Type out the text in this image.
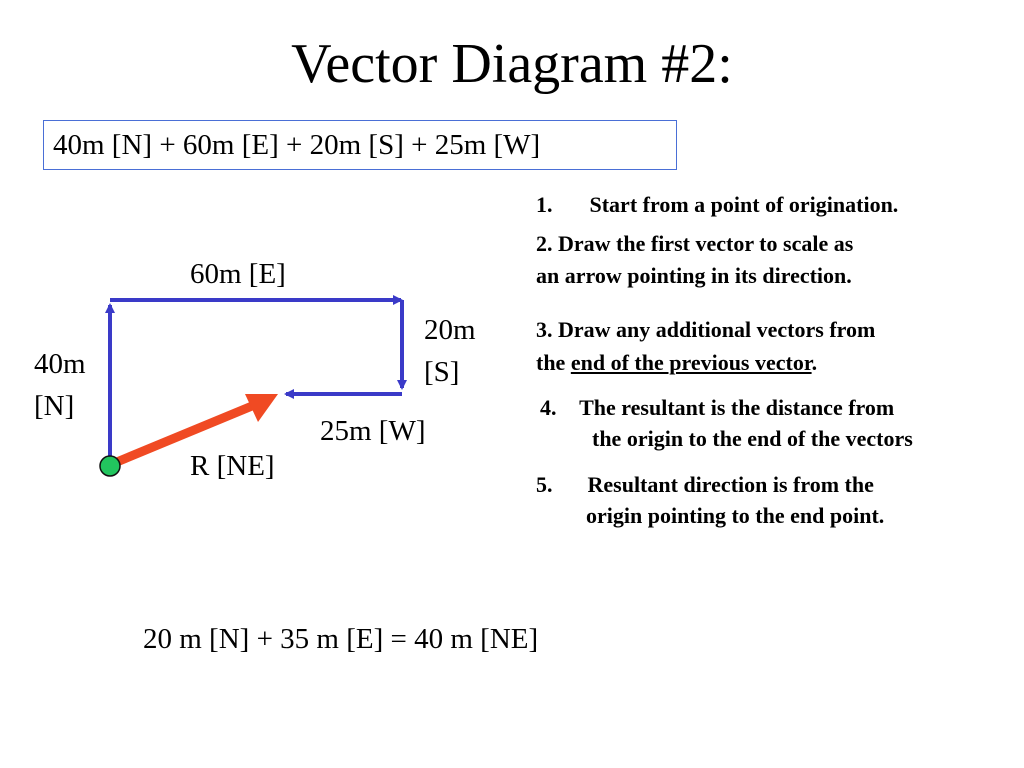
Vector Diagram #2:
40m [N] + 60m [E] + 20m [S] + 25m [W]
60m [E]
20m
[S]
40m
[N]
25m [W]
R [NE]
1. Start from a point of origination.
2. Draw the first vector to scale as
an arrow pointing in its direction.
3. Draw any additional vectors from
the end of the previous vector.
4. The resultant is the distance from
the origin to the end of the vectors
5. Resultant direction is from the
origin pointing to the end point.
20 m [N] + 35 m [E] = 40 m [NE]
